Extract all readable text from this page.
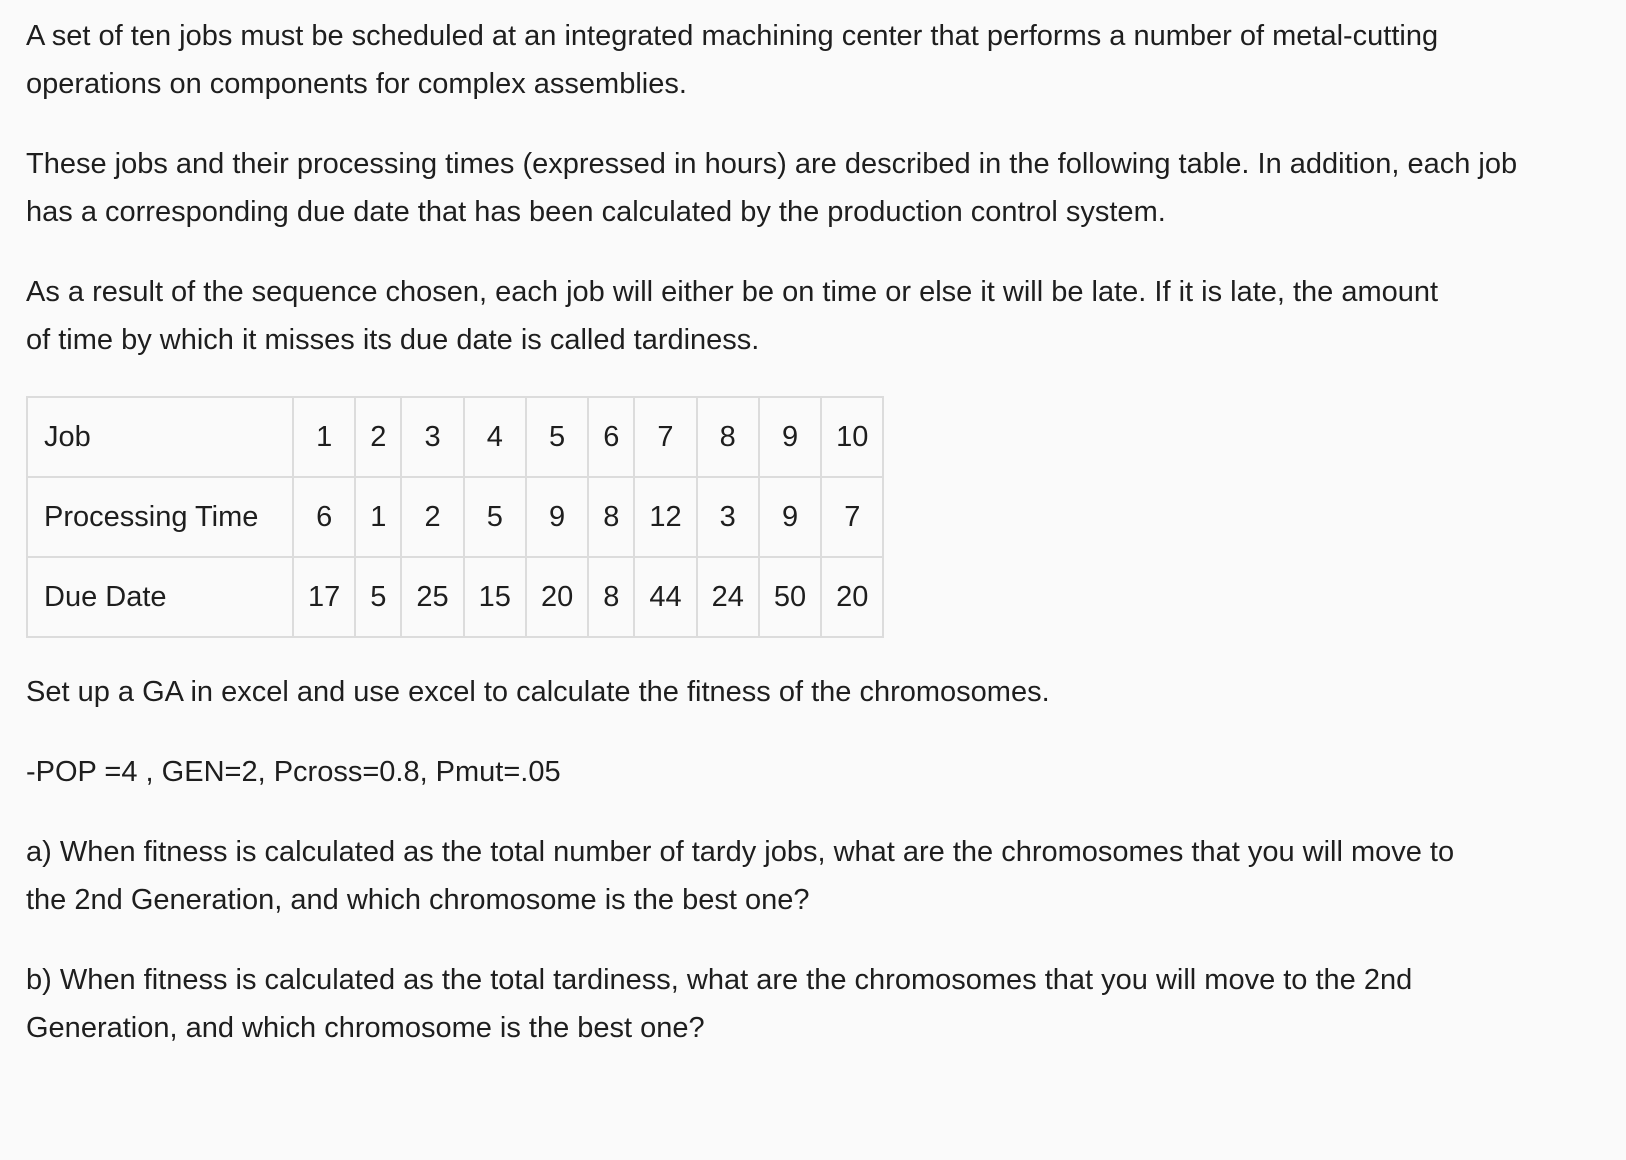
A set of ten jobs must be scheduled at an integrated machining center that performs a number of metal-cutting operations on components for complex assemblies.

These jobs and their processing times (expressed in hours) are described in the following table. In addition, each job has a corresponding due date that has been calculated by the production control system.

As a result of the sequence chosen, each job will either be on time or else it will be late. If it is late, the amount of time by which it misses its due date is called tardiness.

Job	1	2	3	4	5	6	7	8	9	10
Processing Time	6	1	2	5	9	8	12	3	9	7
Due Date	17	5	25	15	20	8	44	24	50	20

Set up a GA in excel and use excel to calculate the fitness of the chromosomes.

-POP =4 , GEN=2, Pcross=0.8, Pmut=.05

a) When fitness is calculated as the total number of tardy jobs, what are the chromosomes that you will move to the 2nd Generation, and which chromosome is the best one?

b) When fitness is calculated as the total tardiness, what are the chromosomes that you will move to the 2nd Generation, and which chromosome is the best one?
